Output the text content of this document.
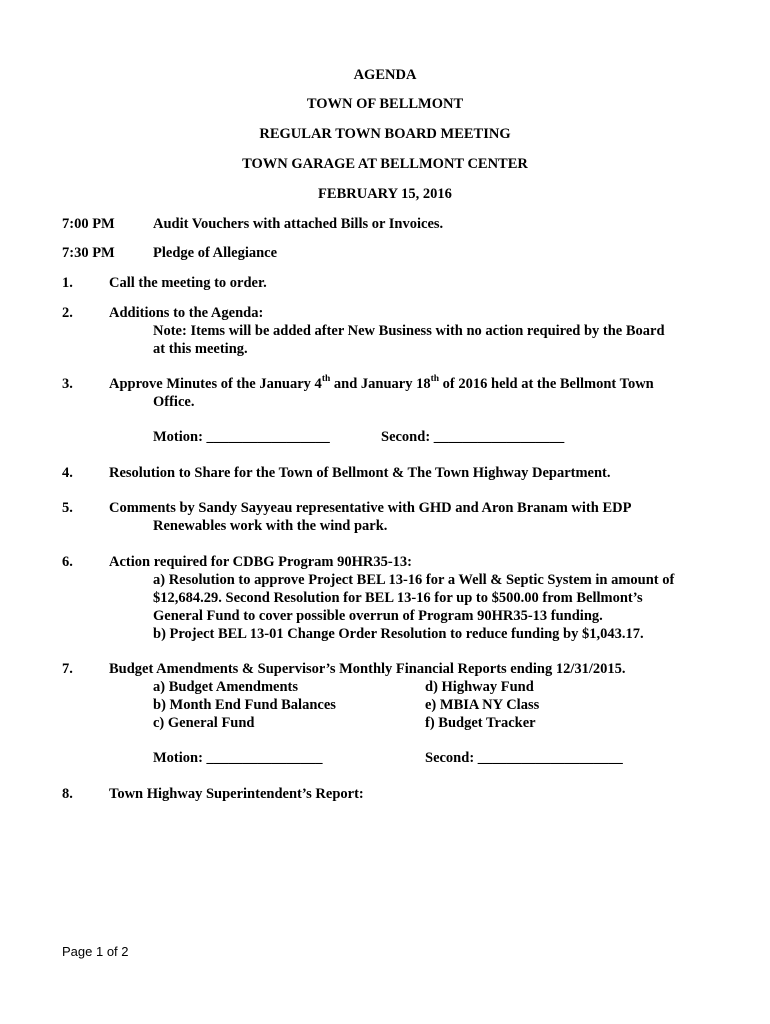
AGENDA
TOWN OF BELLMONT
REGULAR TOWN BOARD MEETING
TOWN GARAGE AT BELLMONT CENTER
FEBRUARY 15, 2016
7:00 PM	Audit Vouchers with attached Bills or Invoices.
7:30 PM	Pledge of Allegiance
1. Call the meeting to order.
2. Additions to the Agenda:
Note: Items will be added after New Business with no action required by the Board
at this meeting.
3. Approve Minutes of the January 4th and January 18th of 2016 held at the Bellmont Town
Office.
Motion: _________________	Second: __________________
4. Resolution to Share for the Town of Bellmont & The Town Highway Department.
5. Comments by Sandy Sayyeau representative with GHD and Aron Branam with EDP
Renewables work with the wind park.
6. Action required for CDBG Program 90HR35-13:
a) Resolution to approve Project BEL 13-16 for a Well & Septic System in amount of
$12,684.29. Second Resolution for BEL 13-16 for up to $500.00 from Bellmont’s
General Fund to cover possible overrun of Program 90HR35-13 funding.
b) Project BEL 13-01 Change Order Resolution to reduce funding by $1,043.17.
7. Budget Amendments & Supervisor’s Monthly Financial Reports ending 12/31/2015.
a) Budget Amendments	d) Highway Fund
b) Month End Fund Balances	e) MBIA NY Class
c) General Fund	f) Budget Tracker
Motion: ________________	Second: ____________________
8. Town Highway Superintendent’s Report:
Page 1 of 2
